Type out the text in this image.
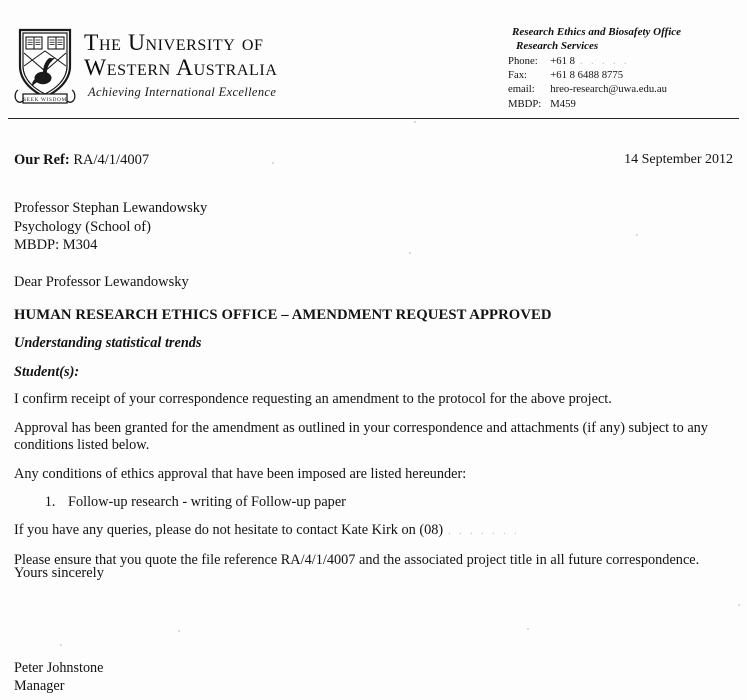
SEEK WISDOM
The University of
Western Australia
Achieving International Excellence
Research Ethics and Biosafety Office
Research Services
Phone:	+61 8 . . . . .
Fax:	+61 8 6488 8775
email:	hreo-research@uwa.edu.au
MBDP:	M459
Our Ref: RA/4/1/4007	14 September 2012
Professor Stephan Lewandowsky
Psychology (School of)
MBDP: M304
Dear Professor Lewandowsky
HUMAN RESEARCH ETHICS OFFICE – AMENDMENT REQUEST APPROVED
Understanding statistical trends
Student(s):
I confirm receipt of your correspondence requesting an amendment to the protocol for the above project.
Approval has been granted for the amendment as outlined in your correspondence and attachments (if any) subject to any conditions listed below.
Any conditions of ethics approval that have been imposed are listed hereunder:
1. Follow-up research - writing of Follow-up paper
If you have any queries, please do not hesitate to contact Kate Kirk on (08) . . . . . . .
Please ensure that you quote the file reference RA/4/1/4007 and the associated project title in all future correspondence.
Yours sincerely
Peter Johnstone
Manager
